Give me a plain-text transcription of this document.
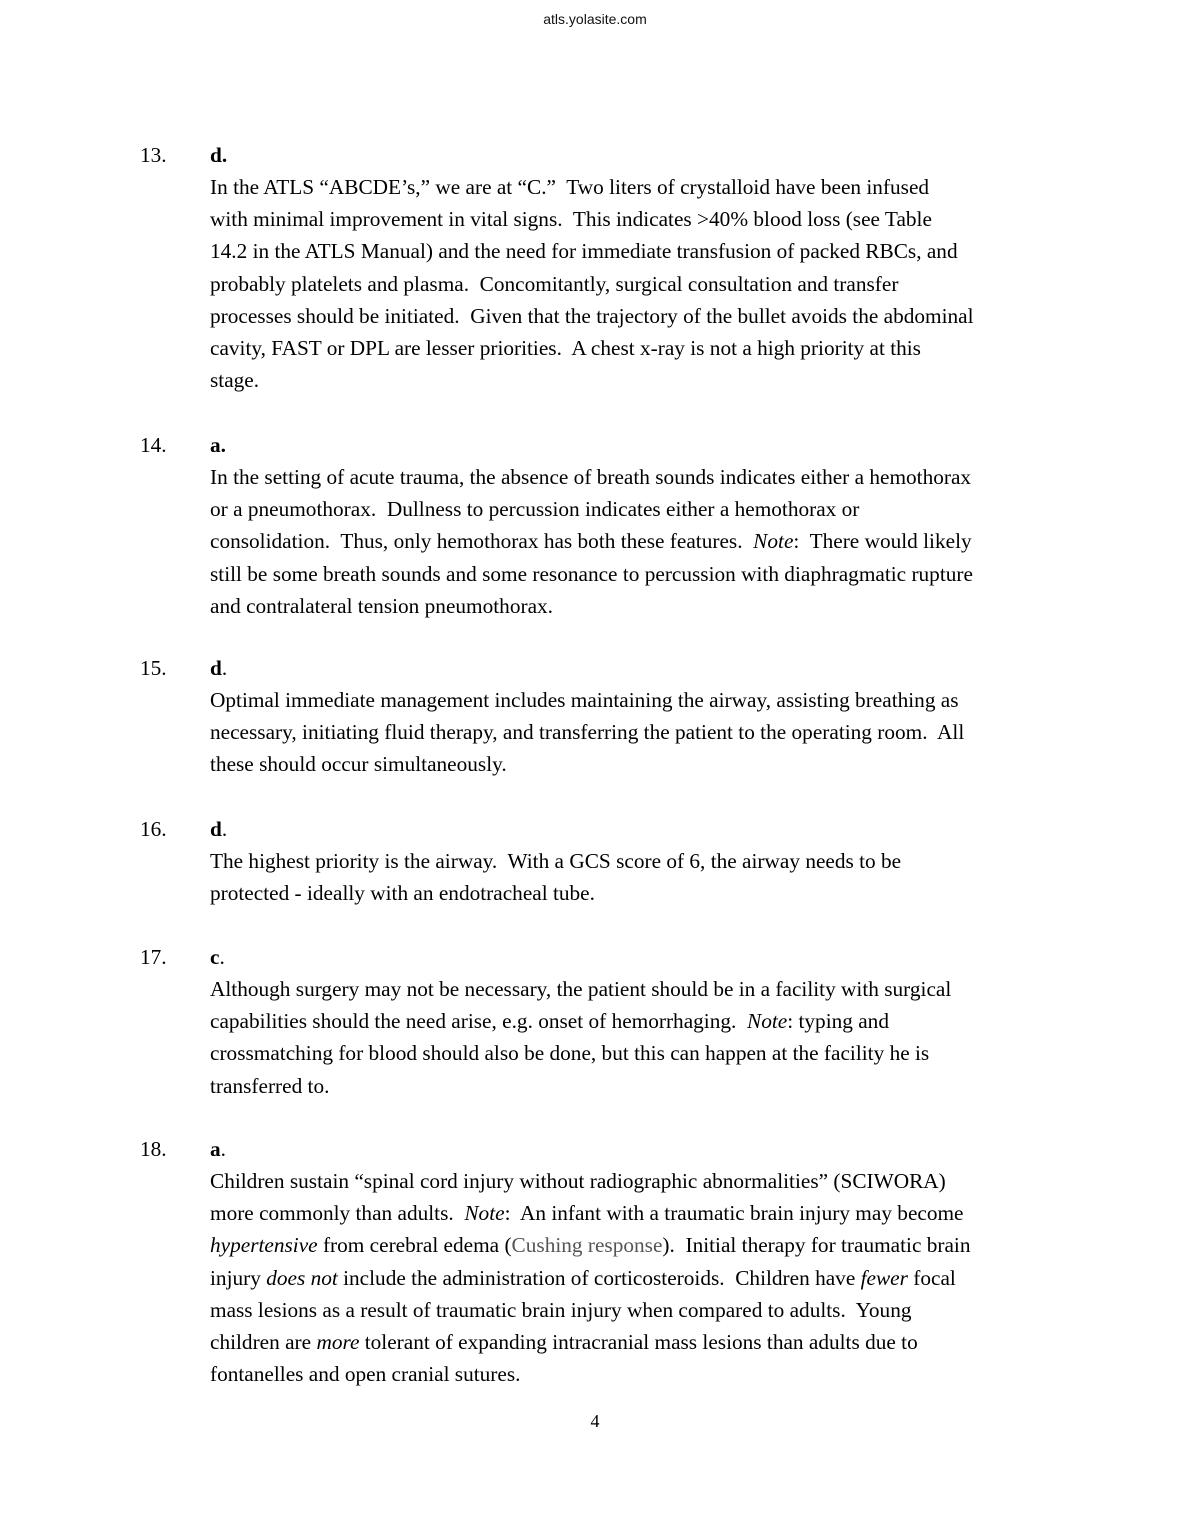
atls.yolasite.com
13. d.
In the ATLS “ABCDE’s,” we are at “C.”  Two liters of crystalloid have been infused
with minimal improvement in vital signs.  This indicates >40% blood loss (see Table
14.2 in the ATLS Manual) and the need for immediate transfusion of packed RBCs, and
probably platelets and plasma.  Concomitantly, surgical consultation and transfer
processes should be initiated.  Given that the trajectory of the bullet avoids the abdominal
cavity, FAST or DPL are lesser priorities.  A chest x-ray is not a high priority at this
stage.
14. a.
In the setting of acute trauma, the absence of breath sounds indicates either a hemothorax
or a pneumothorax.  Dullness to percussion indicates either a hemothorax or
consolidation.  Thus, only hemothorax has both these features.  Note:  There would likely
still be some breath sounds and some resonance to percussion with diaphragmatic rupture
and contralateral tension pneumothorax.
15. d.
Optimal immediate management includes maintaining the airway, assisting breathing as
necessary, initiating fluid therapy, and transferring the patient to the operating room.  All
these should occur simultaneously.
16. d.
The highest priority is the airway.  With a GCS score of 6, the airway needs to be
protected - ideally with an endotracheal tube.
17. c.
Although surgery may not be necessary, the patient should be in a facility with surgical
capabilities should the need arise, e.g. onset of hemorrhaging.  Note: typing and
crossmatching for blood should also be done, but this can happen at the facility he is
transferred to.
18. a.
Children sustain “spinal cord injury without radiographic abnormalities” (SCIWORA)
more commonly than adults.  Note:  An infant with a traumatic brain injury may become
hypertensive from cerebral edema (Cushing response).  Initial therapy for traumatic brain
injury does not include the administration of corticosteroids.  Children have fewer focal
mass lesions as a result of traumatic brain injury when compared to adults.  Young
children are more tolerant of expanding intracranial mass lesions than adults due to
fontanelles and open cranial sutures.
4
